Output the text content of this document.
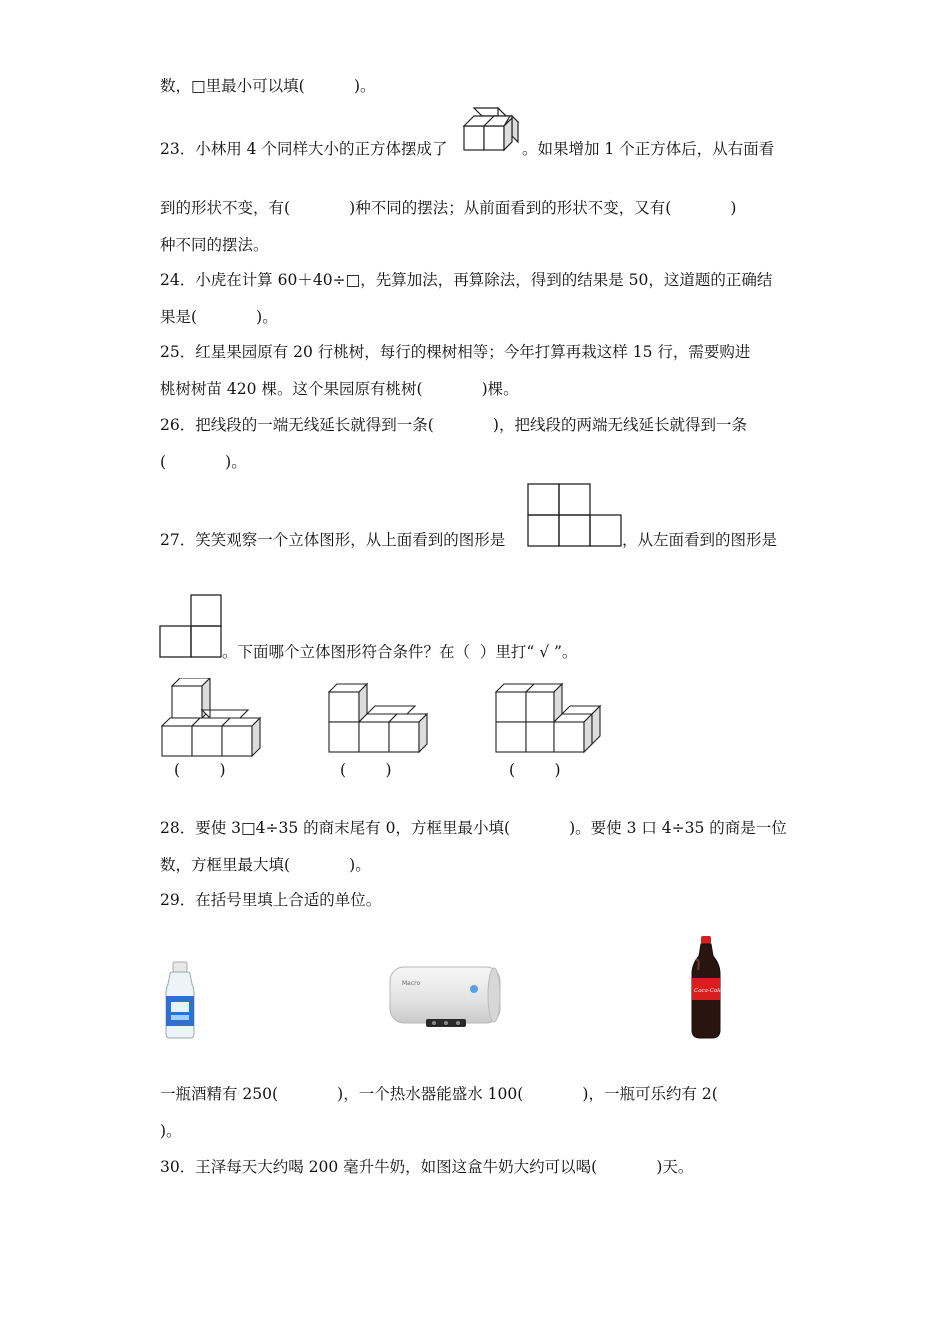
数，□里最小可以填(          )。
23．小林用 4 个同样大小的正方体摆成了	。如果增加 1 个正方体后，从右面看
到的形状不变，有(            )种不同的摆法；从前面看到的形状不变，又有(            )
种不同的摆法。
24．小虎在计算 60＋40÷□，先算加法，再算除法，得到的结果是 50，这道题的正确结
果是(            )。
25．红星果园原有 20 行桃树，每行的棵树相等；今年打算再栽这样 15 行，需要购进
桃树树苗 420 棵。这个果园原有桃树(            )棵。
26．把线段的一端无线延长就得到一条(            )，把线段的两端无线延长就得到一条
(            )。
27．笑笑观察一个立体图形，从上面看到的图形是	，从左面看到的图形是
。下面哪个立体图形符合条件？在（  ）里打“ √ ”。
(        )	(        )	(        )
28．要使 3□4÷35 的商末尾有 0，方框里最小填(            )。要使 3 口 4÷35 的商是一位
数，方框里最大填(            )。
29．在括号里填上合适的单位。
Macro
Coca-Cola
一瓶酒精有 250(            )，一个热水器能盛水 100(            )，一瓶可乐约有 2(
)。
30．王泽每天大约喝 200 毫升牛奶，如图这盒牛奶大约可以喝(            )天。
